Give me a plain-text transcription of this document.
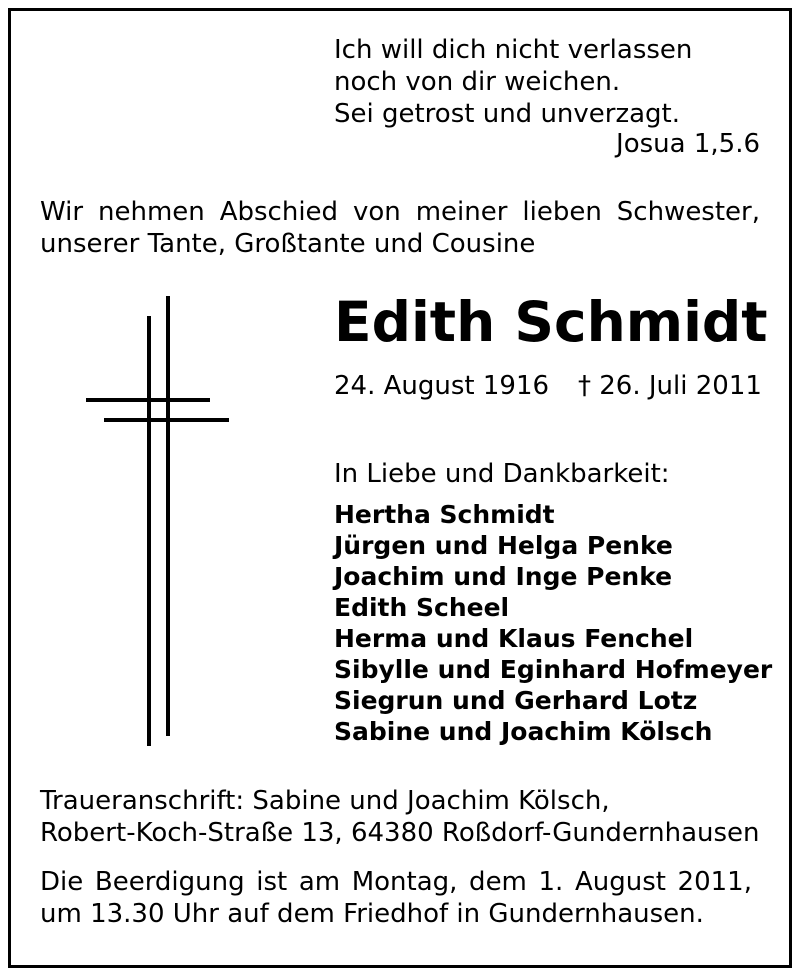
Ich will dich nicht verlassen
noch von dir weichen.
Sei getrost und unverzagt.
Josua 1,5.6
Wir nehmen Abschied von meiner lieben Schwester,
unserer Tante, Großtante und Cousine
Edith Schmidt
24. August 1916 † 26. Juli 2011
In Liebe und Dankbarkeit:
Hertha Schmidt
Jürgen und Helga Penke
Joachim und Inge Penke
Edith Scheel
Herma und Klaus Fenchel
Sibylle und Eginhard Hofmeyer
Siegrun und Gerhard Lotz
Sabine und Joachim Kölsch
Traueranschrift: Sabine und Joachim Kölsch,
Robert-Koch-Straße 13, 64380 Roßdorf-Gundernhausen
Die Beerdigung ist am Montag, dem 1. August 2011,
um 13.30 Uhr auf dem Friedhof in Gundernhausen.
